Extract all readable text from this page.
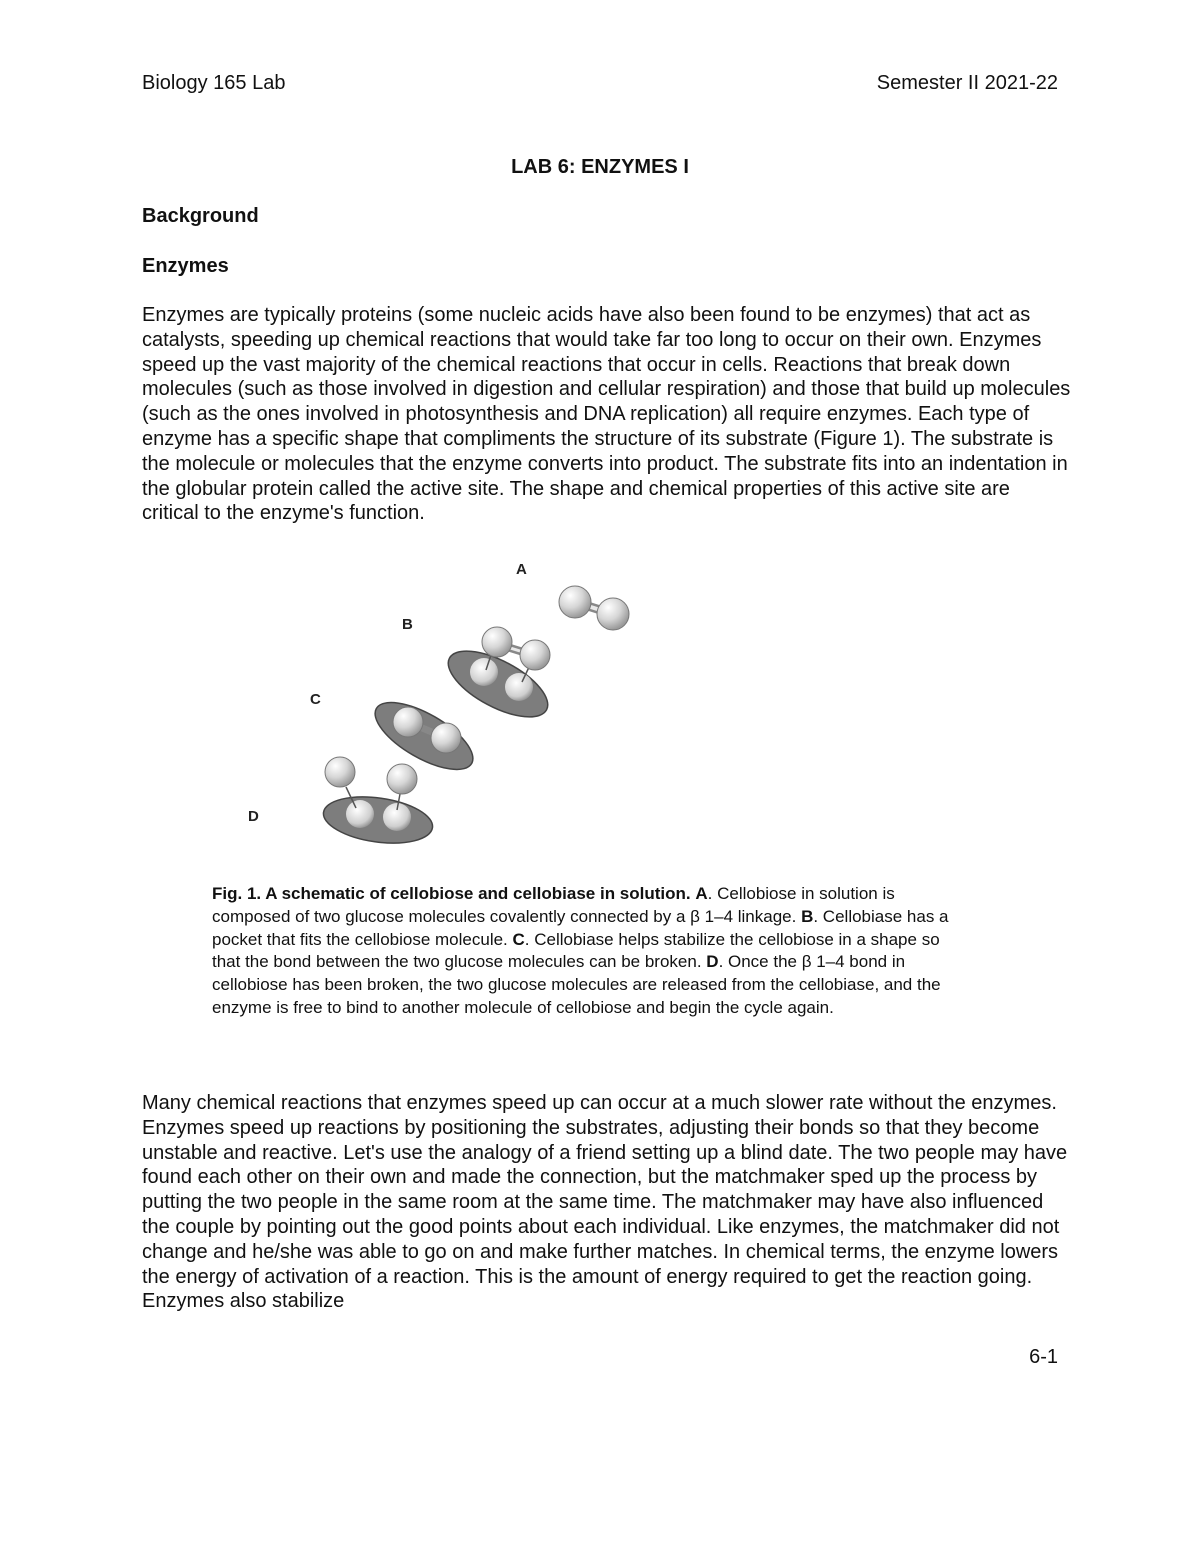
Biology 165 Lab	Semester II 2021-22
LAB 6: ENZYMES I
Background
Enzymes
Enzymes are typically proteins (some nucleic acids have also been found to be enzymes) that act as catalysts, speeding up chemical reactions that would take far too long to occur on their own. Enzymes speed up the vast majority of the chemical reactions that occur in cells. Reactions that break down molecules (such as those involved in digestion and cellular respiration) and those that build up molecules (such as the ones involved in photosynthesis and DNA replication) all require enzymes. Each type of enzyme has a specific shape that compliments the structure of its substrate (Figure 1). The substrate is the molecule or molecules that the enzyme converts into product. The substrate fits into an indentation in the globular protein called the active site. The shape and chemical properties of this active site are critical to the enzyme's function.
A
B
C
D
Fig. 1. A schematic of cellobiose and cellobiase in solution. A. Cellobiose in solution is composed of two glucose molecules covalently connected by a β 1–4 linkage. B. Cellobiase has a pocket that fits the cellobiose molecule. C. Cellobiase helps stabilize the cellobiose in a shape so that the bond between the two glucose molecules can be broken. D. Once the β 1–4 bond in cellobiose has been broken, the two glucose molecules are released from the cellobiase, and the enzyme is free to bind to another molecule of cellobiose and begin the cycle again.
Many chemical reactions that enzymes speed up can occur at a much slower rate without the enzymes. Enzymes speed up reactions by positioning the substrates, adjusting their bonds so that they become unstable and reactive. Let's use the analogy of a friend setting up a blind date. The two people may have found each other on their own and made the connection, but the matchmaker sped up the process by putting the two people in the same room at the same time. The matchmaker may have also influenced the couple by pointing out the good points about each individual. Like enzymes, the matchmaker did not change and he/she was able to go on and make further matches. In chemical terms, the enzyme lowers the energy of activation of a reaction. This is the amount of energy required to get the reaction going. Enzymes also stabilize
6-1
